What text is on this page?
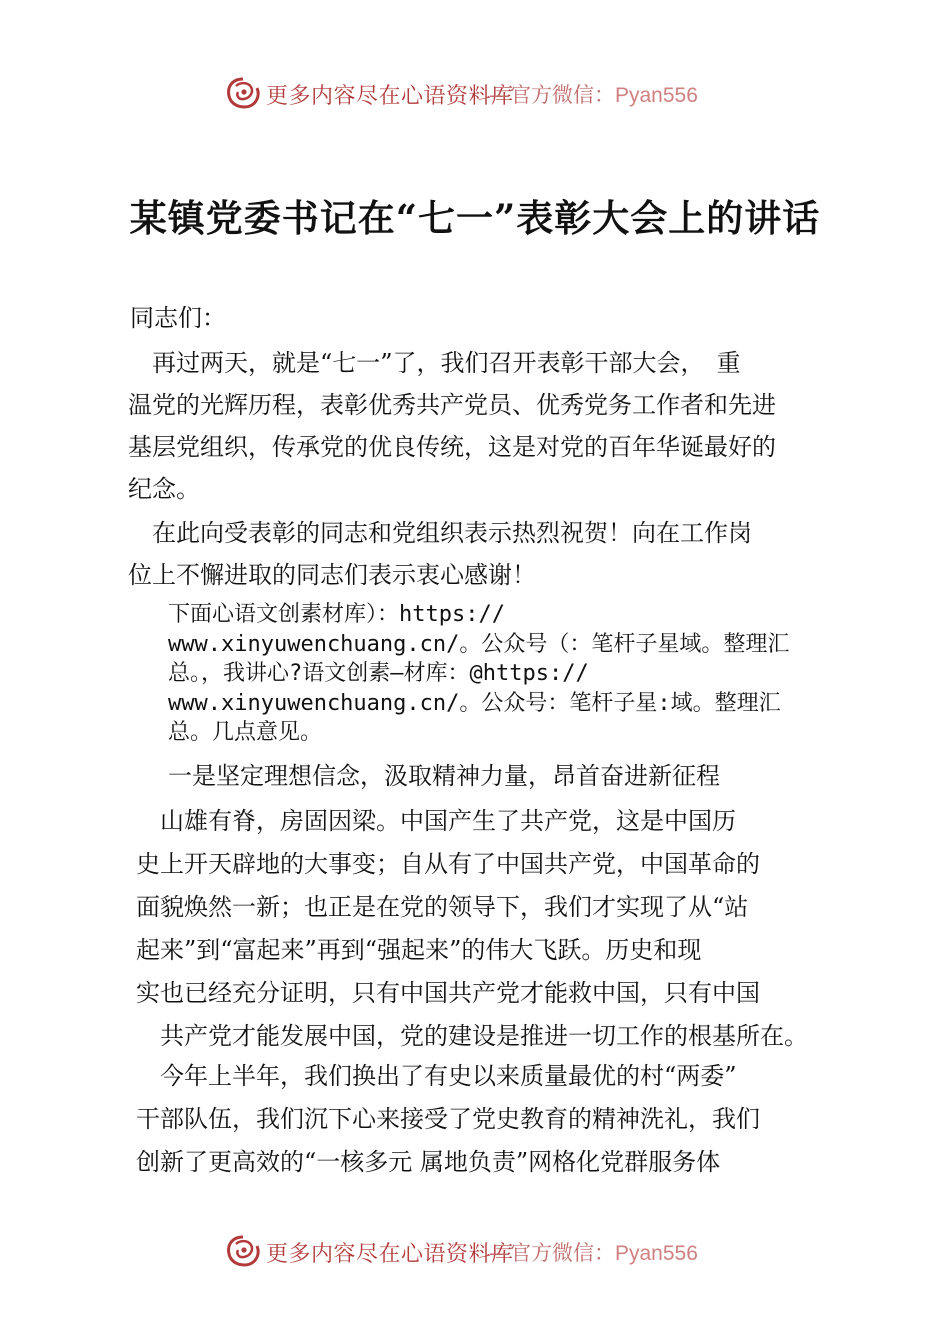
更多内容尽在心语资料库
—官方微信：Pyan556
某镇党委书记在“七一”表彰大会上的讲话

同志们：

　再过两天，就是“七一”了，我们召开表彰干部大会，　重
温党的光辉历程，表彰优秀共产党员、优秀党务工作者和先进
基层党组织，传承党的优良传统，这是对党的百年华诞最好的
纪念。
　在此向受表彰的同志和党组织表示热烈祝贺！向在工作岗
位上不懈进取的同志们表示衷心感谢！
下面心语文创素材库）：https://
www.xinyuwenchuang.cn/。公众号（：笔杆子星域。整理汇
总。，我讲心?语文创素—材库：@https://
www.xinyuwenchuang.cn/。公众号：笔杆子星:域。整理汇
总。几点意见。

一是坚定理想信念，汲取精神力量，昂首奋进新征程

　山雄有脊，房固因梁。中国产生了共产党，这是中国历
史上开天辟地的大事变；自从有了中国共产党，中国革命的
面貌焕然一新；也正是在党的领导下，我们才实现了从“站
起来”到“富起来”再到“强起来”的伟大飞跃。历史和现
实也已经充分证明，只有中国共产党才能救中国，只有中国
　共产党才能发展中国，党的建设是推进一切工作的根基所在。
　今年上半年，我们换出了有史以来质量最优的村“两委”
干部队伍，我们沉下心来接受了党史教育的精神洗礼，我们
创新了更高效的“一核多元 属地负责”网格化党群服务体
更多内容尽在心语资料库
—官方微信：Pyan556
